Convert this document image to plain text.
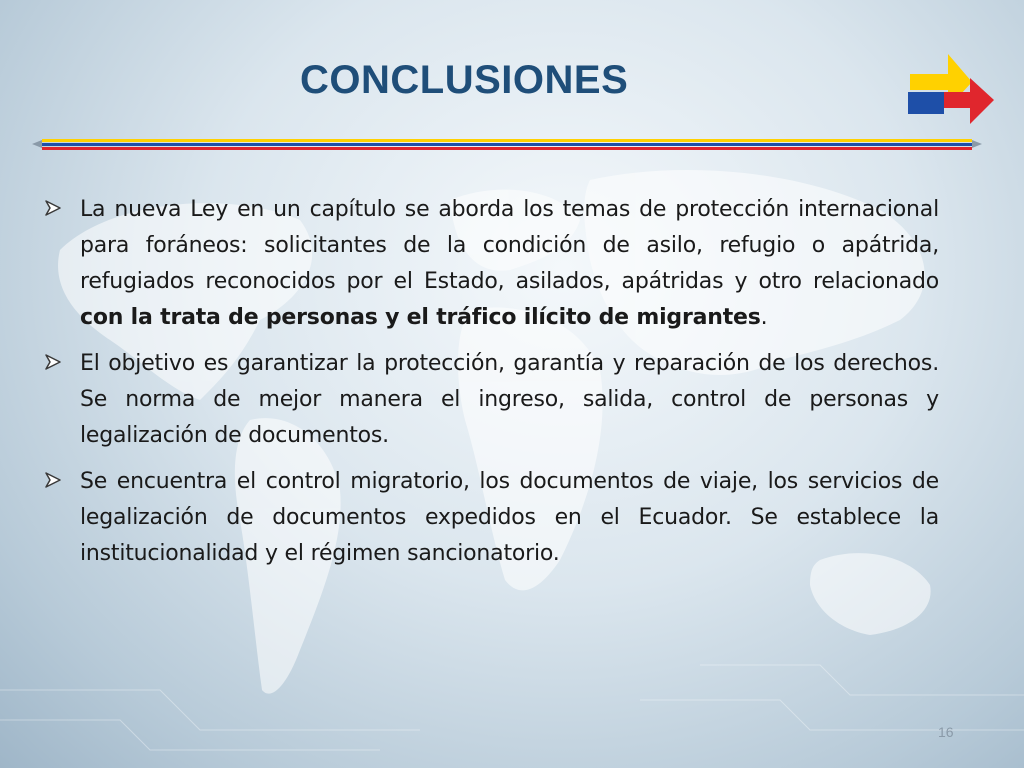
CONCLUSIONES
La nueva Ley en un capítulo se aborda los temas de protección internacional para foráneos: solicitantes de la condición de asilo, refugio o apátrida, refugiados reconocidos por el Estado, asilados, apátridas y otro relacionado con la trata de personas y el tráfico ilícito de migrantes.
El objetivo es garantizar la protección, garantía y reparación de los derechos. Se norma de mejor manera el ingreso, salida, control de personas y legalización de documentos.
Se encuentra el control migratorio, los documentos de viaje, los servicios de legalización de documentos expedidos en el Ecuador. Se establece la institucionalidad y el régimen sancionatorio.
16
